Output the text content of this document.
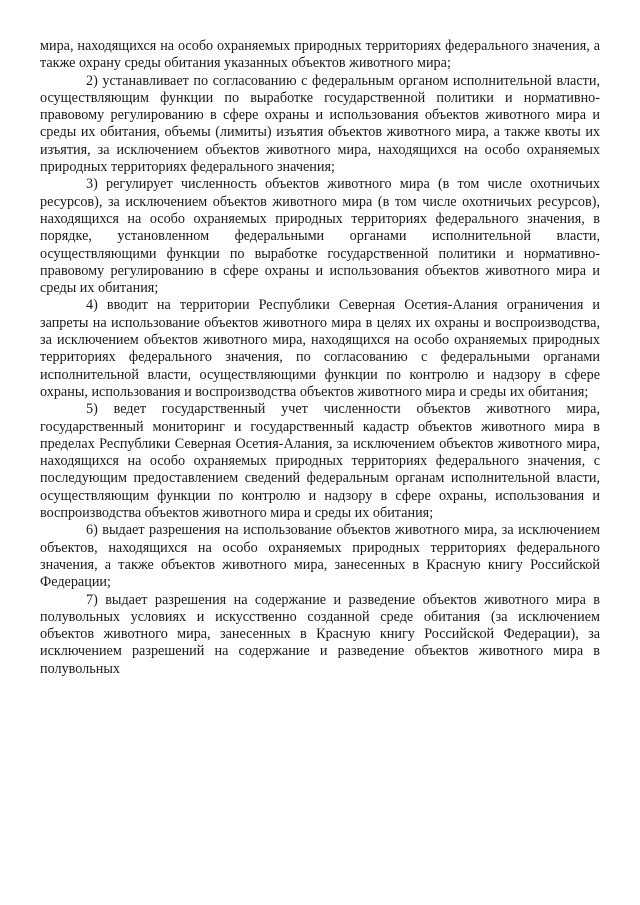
мира, находящихся на особо охраняемых природных территориях федерального значения, а также охрану среды обитания указанных объектов животного мира;

2) устанавливает по согласованию с федеральным органом исполнительной власти, осуществляющим функции по выработке государственной политики и нормативно-правовому регулированию в сфере охраны и использования объектов животного мира и среды их обитания, объемы (лимиты) изъятия объектов животного мира, а также квоты их изъятия, за исключением объектов животного мира, находящихся на особо охраняемых природных территориях федерального значения;

3) регулирует численность объектов животного мира (в том числе охотничьих ресурсов), за исключением объектов животного мира (в том числе охотничьих ресурсов), находящихся на особо охраняемых природных территориях федерального значения, в порядке, установленном федеральными органами исполнительной власти, осуществляющими функции по выработке государственной политики и нормативно-правовому регулированию в сфере охраны и использования объектов животного мира и среды их обитания;

4) вводит на территории Республики Северная Осетия-Алания ограничения и запреты на использование объектов животного мира в целях их охраны и воспроизводства, за исключением объектов животного мира, находящихся на особо охраняемых природных территориях федерального значения, по согласованию с федеральными органами исполнительной власти, осуществляющими функции по контролю и надзору в сфере охраны, использования и воспроизводства объектов животного мира и среды их обитания;

5) ведет государственный учет численности объектов животного мира, государственный мониторинг и государственный кадастр объектов животного мира в пределах Республики Северная Осетия-Алания, за исключением объектов животного мира, находящихся на особо охраняемых природных территориях федерального значения, с последующим предоставлением сведений федеральным органам исполнительной власти, осуществляющим функции по контролю и надзору в сфере охраны, использования и воспроизводства объектов животного мира и среды их обитания;

6) выдает разрешения на использование объектов животного мира, за исключением объектов, находящихся на особо охраняемых природных территориях федерального значения, а также объектов животного мира, занесенных в Красную книгу Российской Федерации;

7) выдает разрешения на содержание и разведение объектов животного мира в полувольных условиях и искусственно созданной среде обитания (за исключением объектов животного мира, занесенных в Красную книгу Российской Федерации), за исключением разрешений на содержание и разведение объектов животного мира в полувольных
